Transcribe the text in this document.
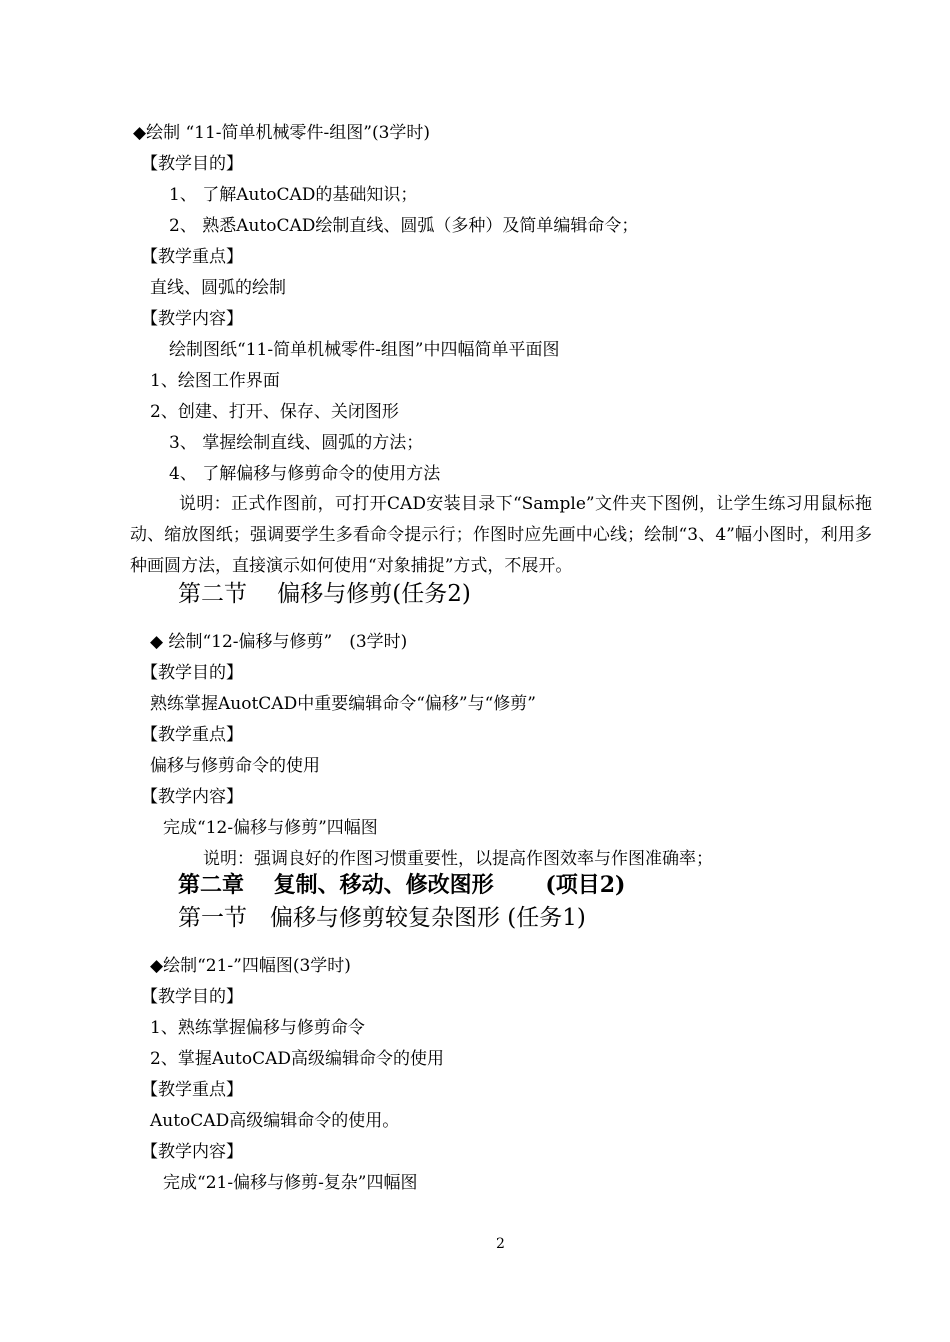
◆绘制 “11-简单机械零件-组图”(3学时)
【教学目的】
1、 了解AutoCAD的基础知识；
2、 熟悉AutoCAD绘制直线、圆弧（多种）及简单编辑命令；
【教学重点】
直线、圆弧的绘制
【教学内容】
绘制图纸“11-简单机械零件-组图”中四幅简单平面图
1、绘图工作界面
2、创建、打开、保存、关闭图形
3、 掌握绘制直线、圆弧的方法；
4、 了解偏移与修剪命令的使用方法
说明：正式作图前，可打开CAD安装目录下“Sample”文件夹下图例，让学生练习用鼠标拖动、缩放图纸；强调要学生多看命令提示行；作图时应先画中心线；绘制“3、4”幅小图时，利用多种画圆方法，直接演示如何使用“对象捕捉”方式，不展开。
第二节　 偏移与修剪(任务2)
◆ 绘制“12-偏移与修剪”　(3学时)
【教学目的】
熟练掌握AuotCAD中重要编辑命令“偏移”与“修剪”
【教学重点】
偏移与修剪命令的使用
【教学内容】
完成“12-偏移与修剪”四幅图
说明：强调良好的作图习惯重要性，以提高作图效率与作图准确率；
第二章　 复制、移动、修改图形　　 (项目2)
第一节　偏移与修剪较复杂图形 (任务1)
◆绘制“21-”四幅图(3学时)
【教学目的】
1、熟练掌握偏移与修剪命令
2、掌握AutoCAD高级编辑命令的使用
【教学重点】
AutoCAD高级编辑命令的使用。
【教学内容】
完成“21-偏移与修剪-复杂”四幅图
2
